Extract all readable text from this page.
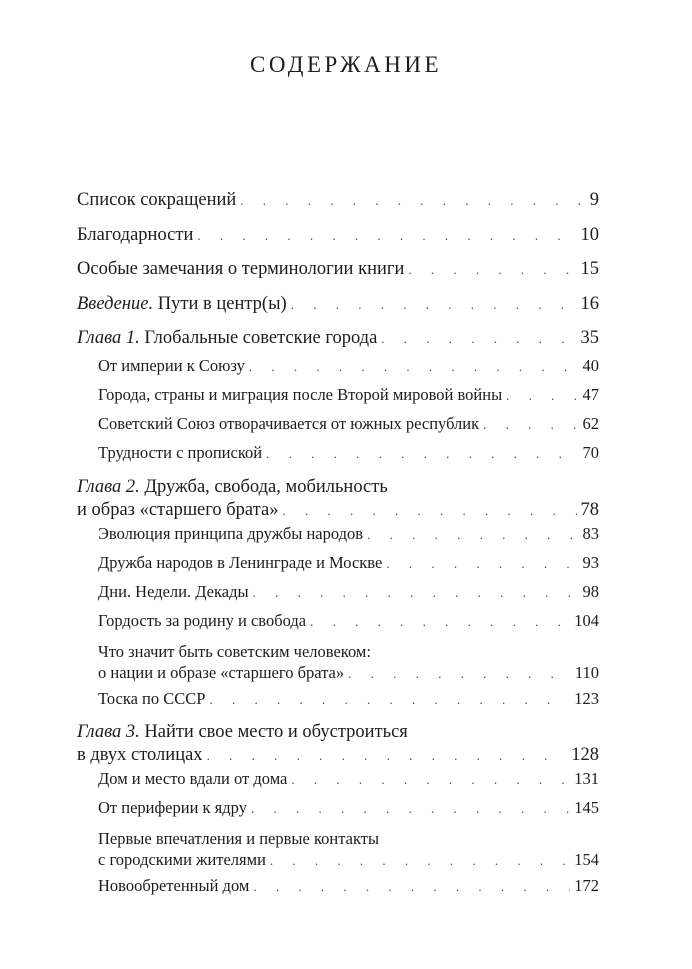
СОДЕРЖАНИЕ
Список сокращений . . .	9
Благодарности . . .	10
Особые замечания о терминологии книги . . .	15
Введение. Пути в центр(ы) . . .	16
Глава 1. Глобальные советские города . . .	35
От империи к Союзу . . .	40
Города, страны и миграция после Второй мировой войны . . .	47
Советский Союз отворачивается от южных республик . . .	62
Трудности с пропиской . . .	70
Глава 2. Дружба, свобода, мобильность
и образ «старшего брата» . . .	78
Эволюция принципа дружбы народов . . .	83
Дружба народов в Ленинграде и Москве . . .	93
Дни. Недели. Декады . . .	98
Гордость за родину и свобода . . .	104
Что значит быть советским человеком:
о нации и образе «старшего брата» . . .	110
Тоска по СССР . . .	123
Глава 3. Найти свое место и обустроиться
в двух столицах . . .	128
Дом и место вдали от дома . . .	131
От периферии к ядру . . .	145
Первые впечатления и первые контакты
с городскими жителями . . .	154
Новообретенный дом . . .	172
